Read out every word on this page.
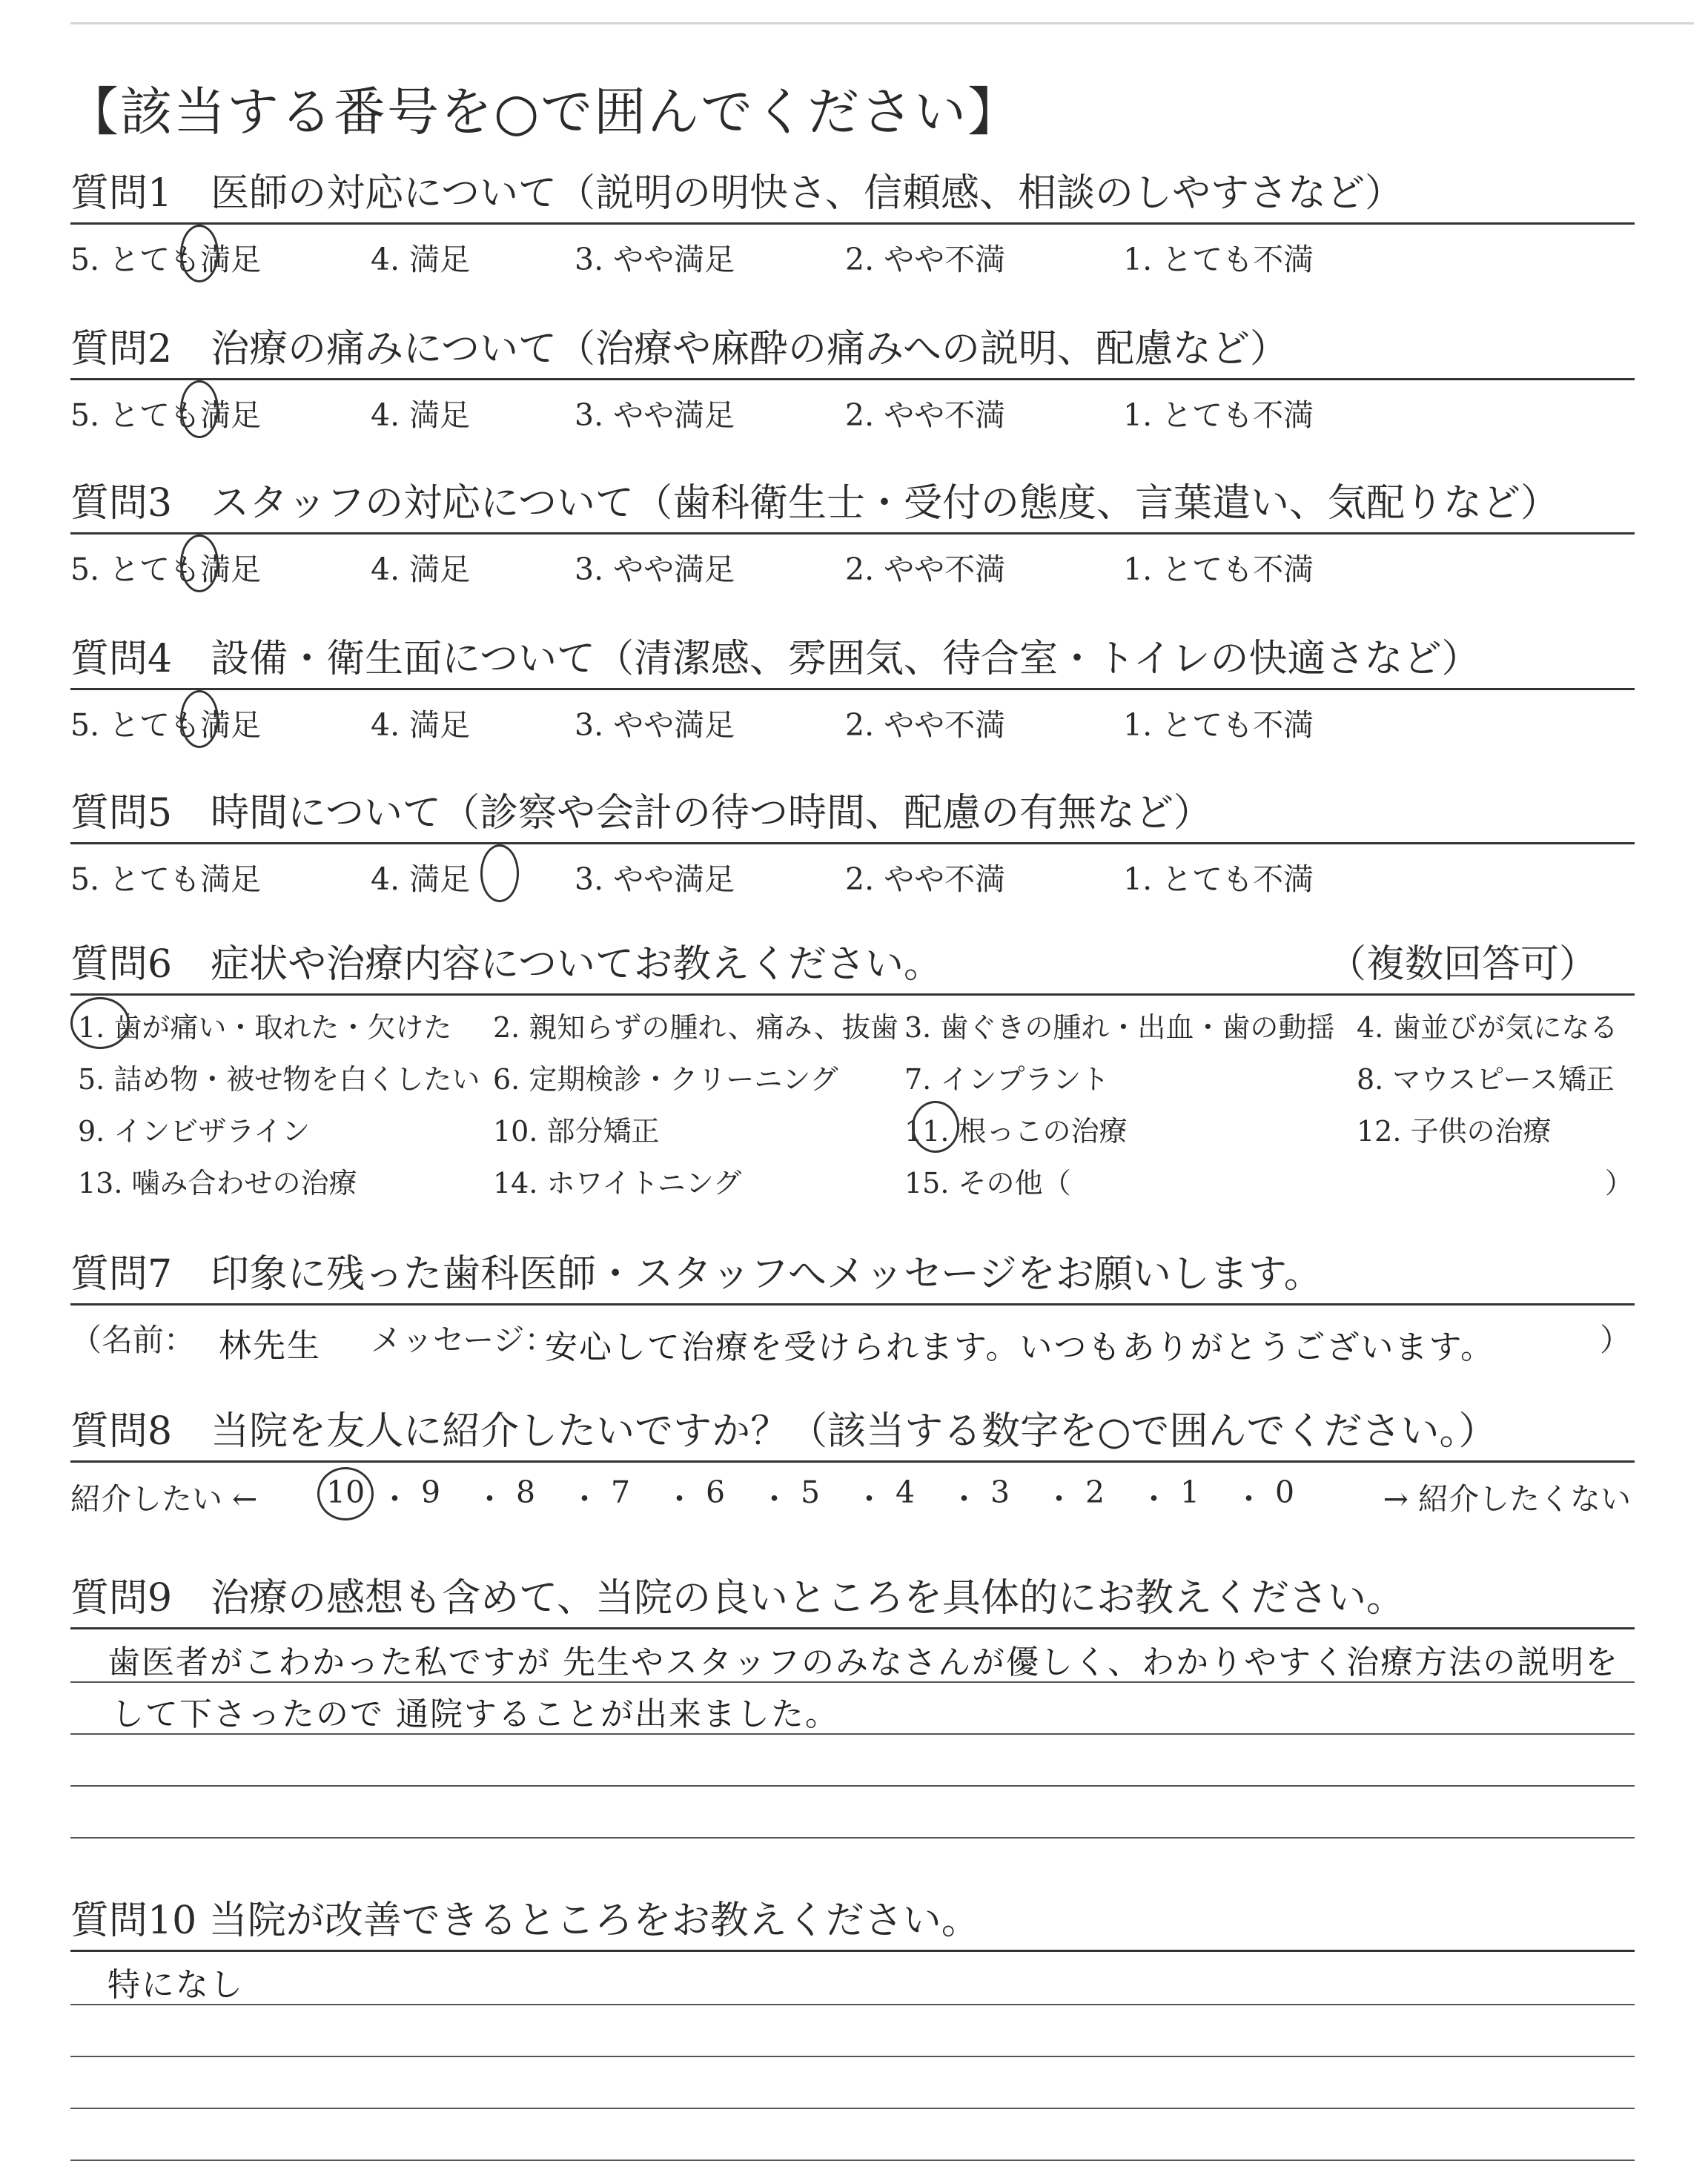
【該当する番号を○で囲んでください】
質問1　医師の対応について（説明の明快さ、信頼感、相談のしやすさなど）
5. とても満足	4. 満足	3. やや満足	2. やや不満	1. とても不満
質問2　治療の痛みについて（治療や麻酔の痛みへの説明、配慮など）
5. とても満足	4. 満足	3. やや満足	2. やや不満	1. とても不満
質問3　スタッフの対応について（歯科衛生士・受付の態度、言葉遣い、気配りなど）
5. とても満足	4. 満足	3. やや満足	2. やや不満	1. とても不満
質問4　設備・衛生面について（清潔感、雰囲気、待合室・トイレの快適さなど）
5. とても満足	4. 満足	3. やや満足	2. やや不満	1. とても不満
質問5　時間について（診察や会計の待つ時間、配慮の有無など）
5. とても満足	4. 満足	3. やや満足	2. やや不満	1. とても不満
質問6　症状や治療内容についてお教えください。	（複数回答可）
1. 歯が痛い・取れた・欠けた 2. 親知らずの腫れ、痛み、抜歯 3. 歯ぐきの腫れ・出血・歯の動揺 4. 歯並びが気になる
5. 詰め物・被せ物を白くしたい 6. 定期検診・クリーニング 7. インプラント	8. マウスピース矯正
9. インビザライン	10. 部分矯正	11. 根っこの治療	12. 子供の治療
13. 噛み合わせの治療	14. ホワイトニング	15. その他（	）
質問7　印象に残った歯科医師・スタッフへメッセージをお願いします。
（名前： 林先生 メッセージ：
安心して治療を受けられます。いつもありがとうございます。	）
質問8　当院を友人に紹介したいですか？（該当する数字を○で囲んでください。）
紹介したい ←	→ 紹介したくない
10 ・ 9 ・ 8 ・ 7 ・ 6 ・ 5 ・ 4 ・ 3 ・ 2 ・ 1 ・ 0
質問9　治療の感想も含めて、当院の良いところを具体的にお教えください。
歯医者がこわかった私ですが 先生やスタッフのみなさんが優しく、わかりやすく治療方法の説明を
して下さったので 通院することが出来ました。
質問10 当院が改善できるところをお教えください。
特になし
